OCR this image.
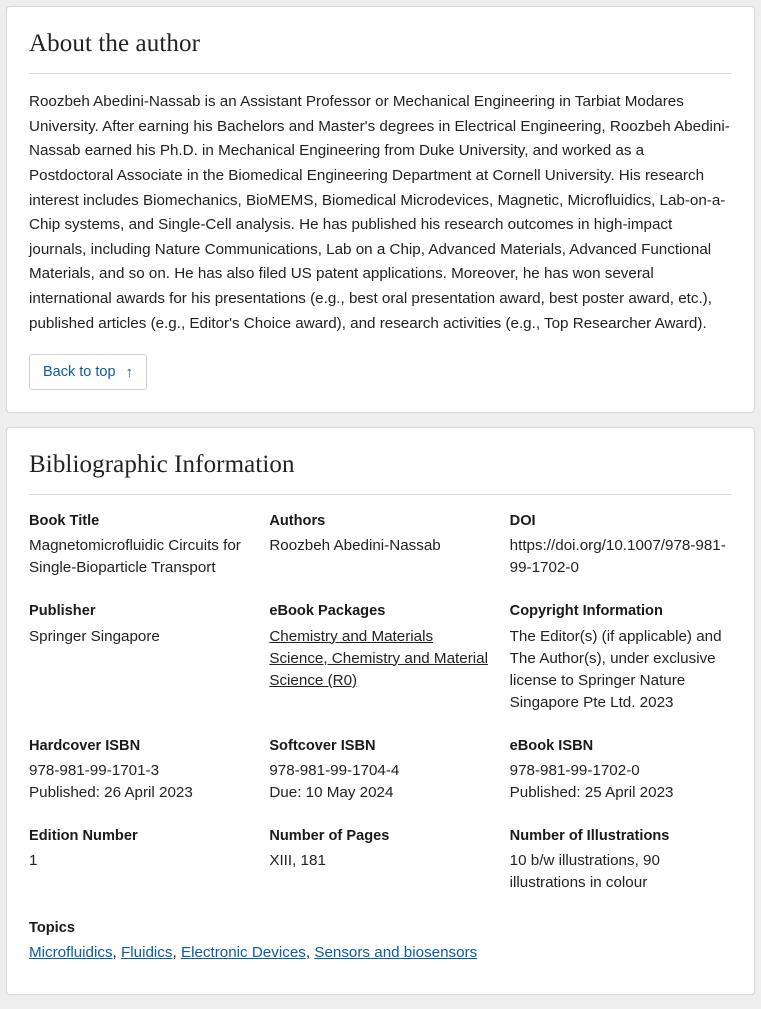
About the author

Roozbeh Abedini-Nassab is an Assistant Professor or Mechanical Engineering in Tarbiat Modares University. After earning his Bachelors and Master's degrees in Electrical Engineering, Roozbeh Abedini-Nassab earned his Ph.D. in Mechanical Engineering from Duke University, and worked as a Postdoctoral Associate in the Biomedical Engineering Department at Cornell University. His research interest includes Biomechanics, BioMEMS, Biomedical Microdevices, Magnetic, Microfluidics, Lab-on-a-Chip systems, and Single-Cell analysis. He has published his research outcomes in high-impact journals, including Nature Communications, Lab on a Chip, Advanced Materials, Advanced Functional Materials, and so on. He has also filed US patent applications. Moreover, he has won several international awards for his presentations (e.g., best oral presentation award, best poster award, etc.), published articles (e.g., Editor's Choice award), and research activities (e.g., Top Researcher Award).

Back to top ↑
Bibliographic Information
Book Title
Magnetomicrofluidic Circuits for Single-Bioparticle Transport
Authors
Roozbeh Abedini-Nassab
DOI
https://doi.org/10.1007/978-981-99-1702-0
Publisher
Springer Singapore
eBook Packages
Chemistry and Materials Science, Chemistry and Material Science (R0)
Copyright Information
The Editor(s) (if applicable) and The Author(s), under exclusive license to Springer Nature Singapore Pte Ltd. 2023
Hardcover ISBN
978-981-99-1701-3
Published: 26 April 2023
Softcover ISBN
978-981-99-1704-4
Due: 10 May 2024
eBook ISBN
978-981-99-1702-0
Published: 25 April 2023
Edition Number
1
Number of Pages
XIII, 181
Number of Illustrations
10 b/w illustrations, 90 illustrations in colour
Topics
Microfluidics, Fluidics, Electronic Devices, Sensors and biosensors
